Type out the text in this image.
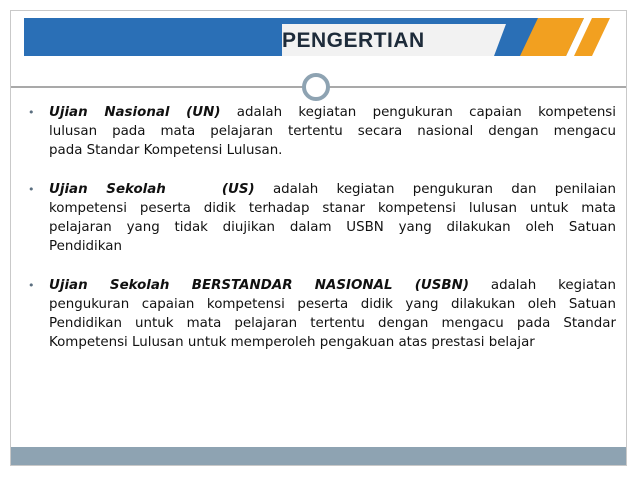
PENGERTIAN
• Ujian Nasional (UN) adalah kegiatan pengukuran capaian kompetensi
lulusan pada mata pelajaran tertentu secara nasional dengan mengacu
pada Standar Kompetensi Lulusan.
• Ujian Sekolah   (US) adalah kegiatan pengukuran dan penilaian
kompetensi peserta didik terhadap stanar kompetensi lulusan untuk mata
pelajaran yang tidak diujikan dalam USBN yang dilakukan oleh Satuan
Pendidikan
• Ujian Sekolah BERSTANDAR NASIONAL (USBN) adalah kegiatan
pengukuran capaian kompetensi peserta didik yang dilakukan oleh Satuan
Pendidikan untuk mata pelajaran tertentu dengan mengacu pada Standar
Kompetensi Lulusan untuk memperoleh pengakuan atas prestasi belajar
